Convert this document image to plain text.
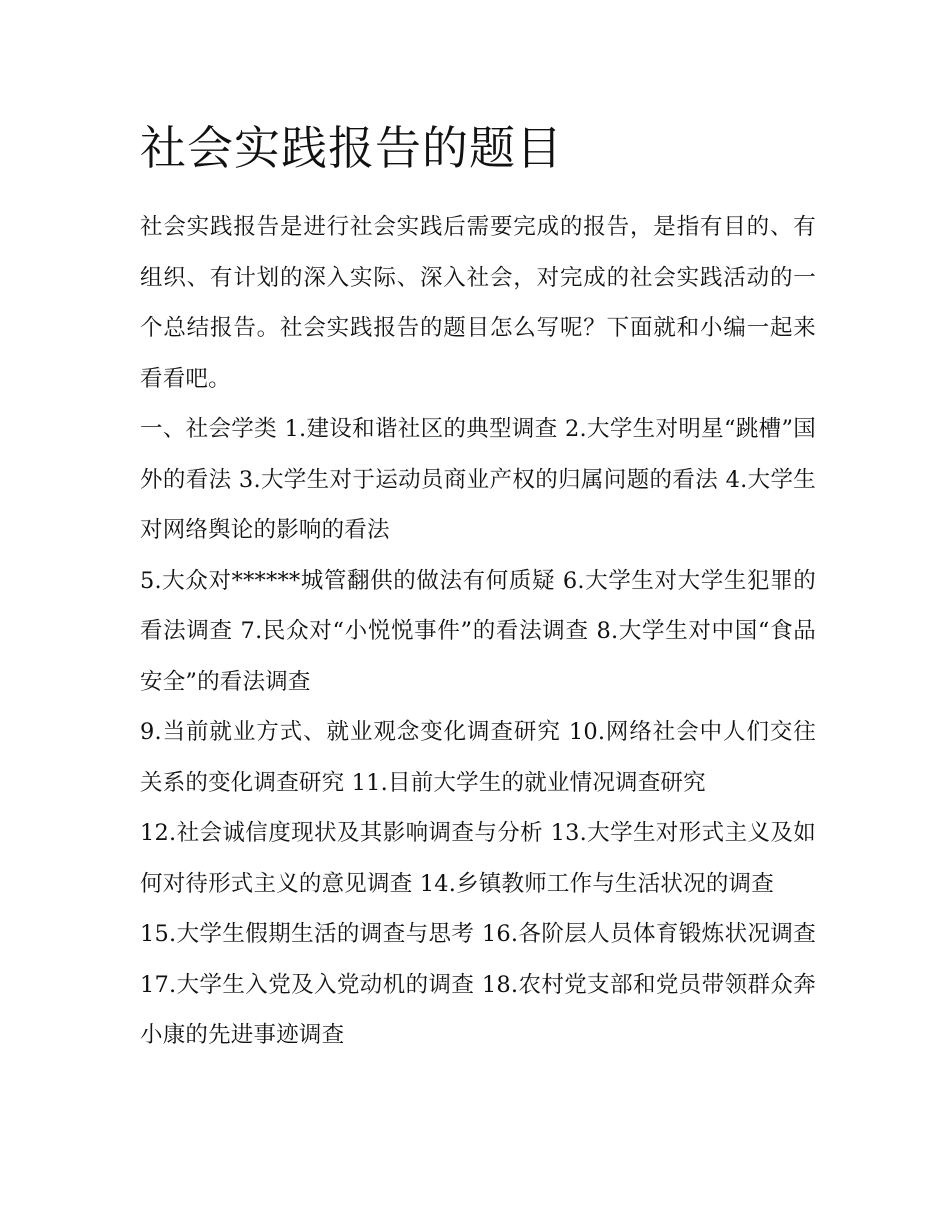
社会实践报告的题目

社会实践报告是进行社会实践后需要完成的报告，是指有目的、有组织、有计划的深入实际、深入社会，对完成的社会实践活动的一个总结报告。社会实践报告的题目怎么写呢？下面就和小编一起来看看吧。

一、社会学类 1.建设和谐社区的典型调查 2.大学生对明星“跳槽”国外的看法 3.大学生对于运动员商业产权的归属问题的看法 4.大学生对网络舆论的影响的看法

5.大众对******城管翻供的做法有何质疑 6.大学生对大学生犯罪的看法调查 7.民众对“小悦悦事件”的看法调查 8.大学生对中国“食品安全”的看法调查

9.当前就业方式、就业观念变化调查研究 10.网络社会中人们交往关系的变化调查研究 11.目前大学生的就业情况调查研究

12.社会诚信度现状及其影响调查与分析 13.大学生对形式主义及如何对待形式主义的意见调查 14.乡镇教师工作与生活状况的调查

15.大学生假期生活的调查与思考 16.各阶层人员体育锻炼状况调查 17.大学生入党及入党动机的调查 18.农村党支部和党员带领群众奔小康的先进事迹调查
